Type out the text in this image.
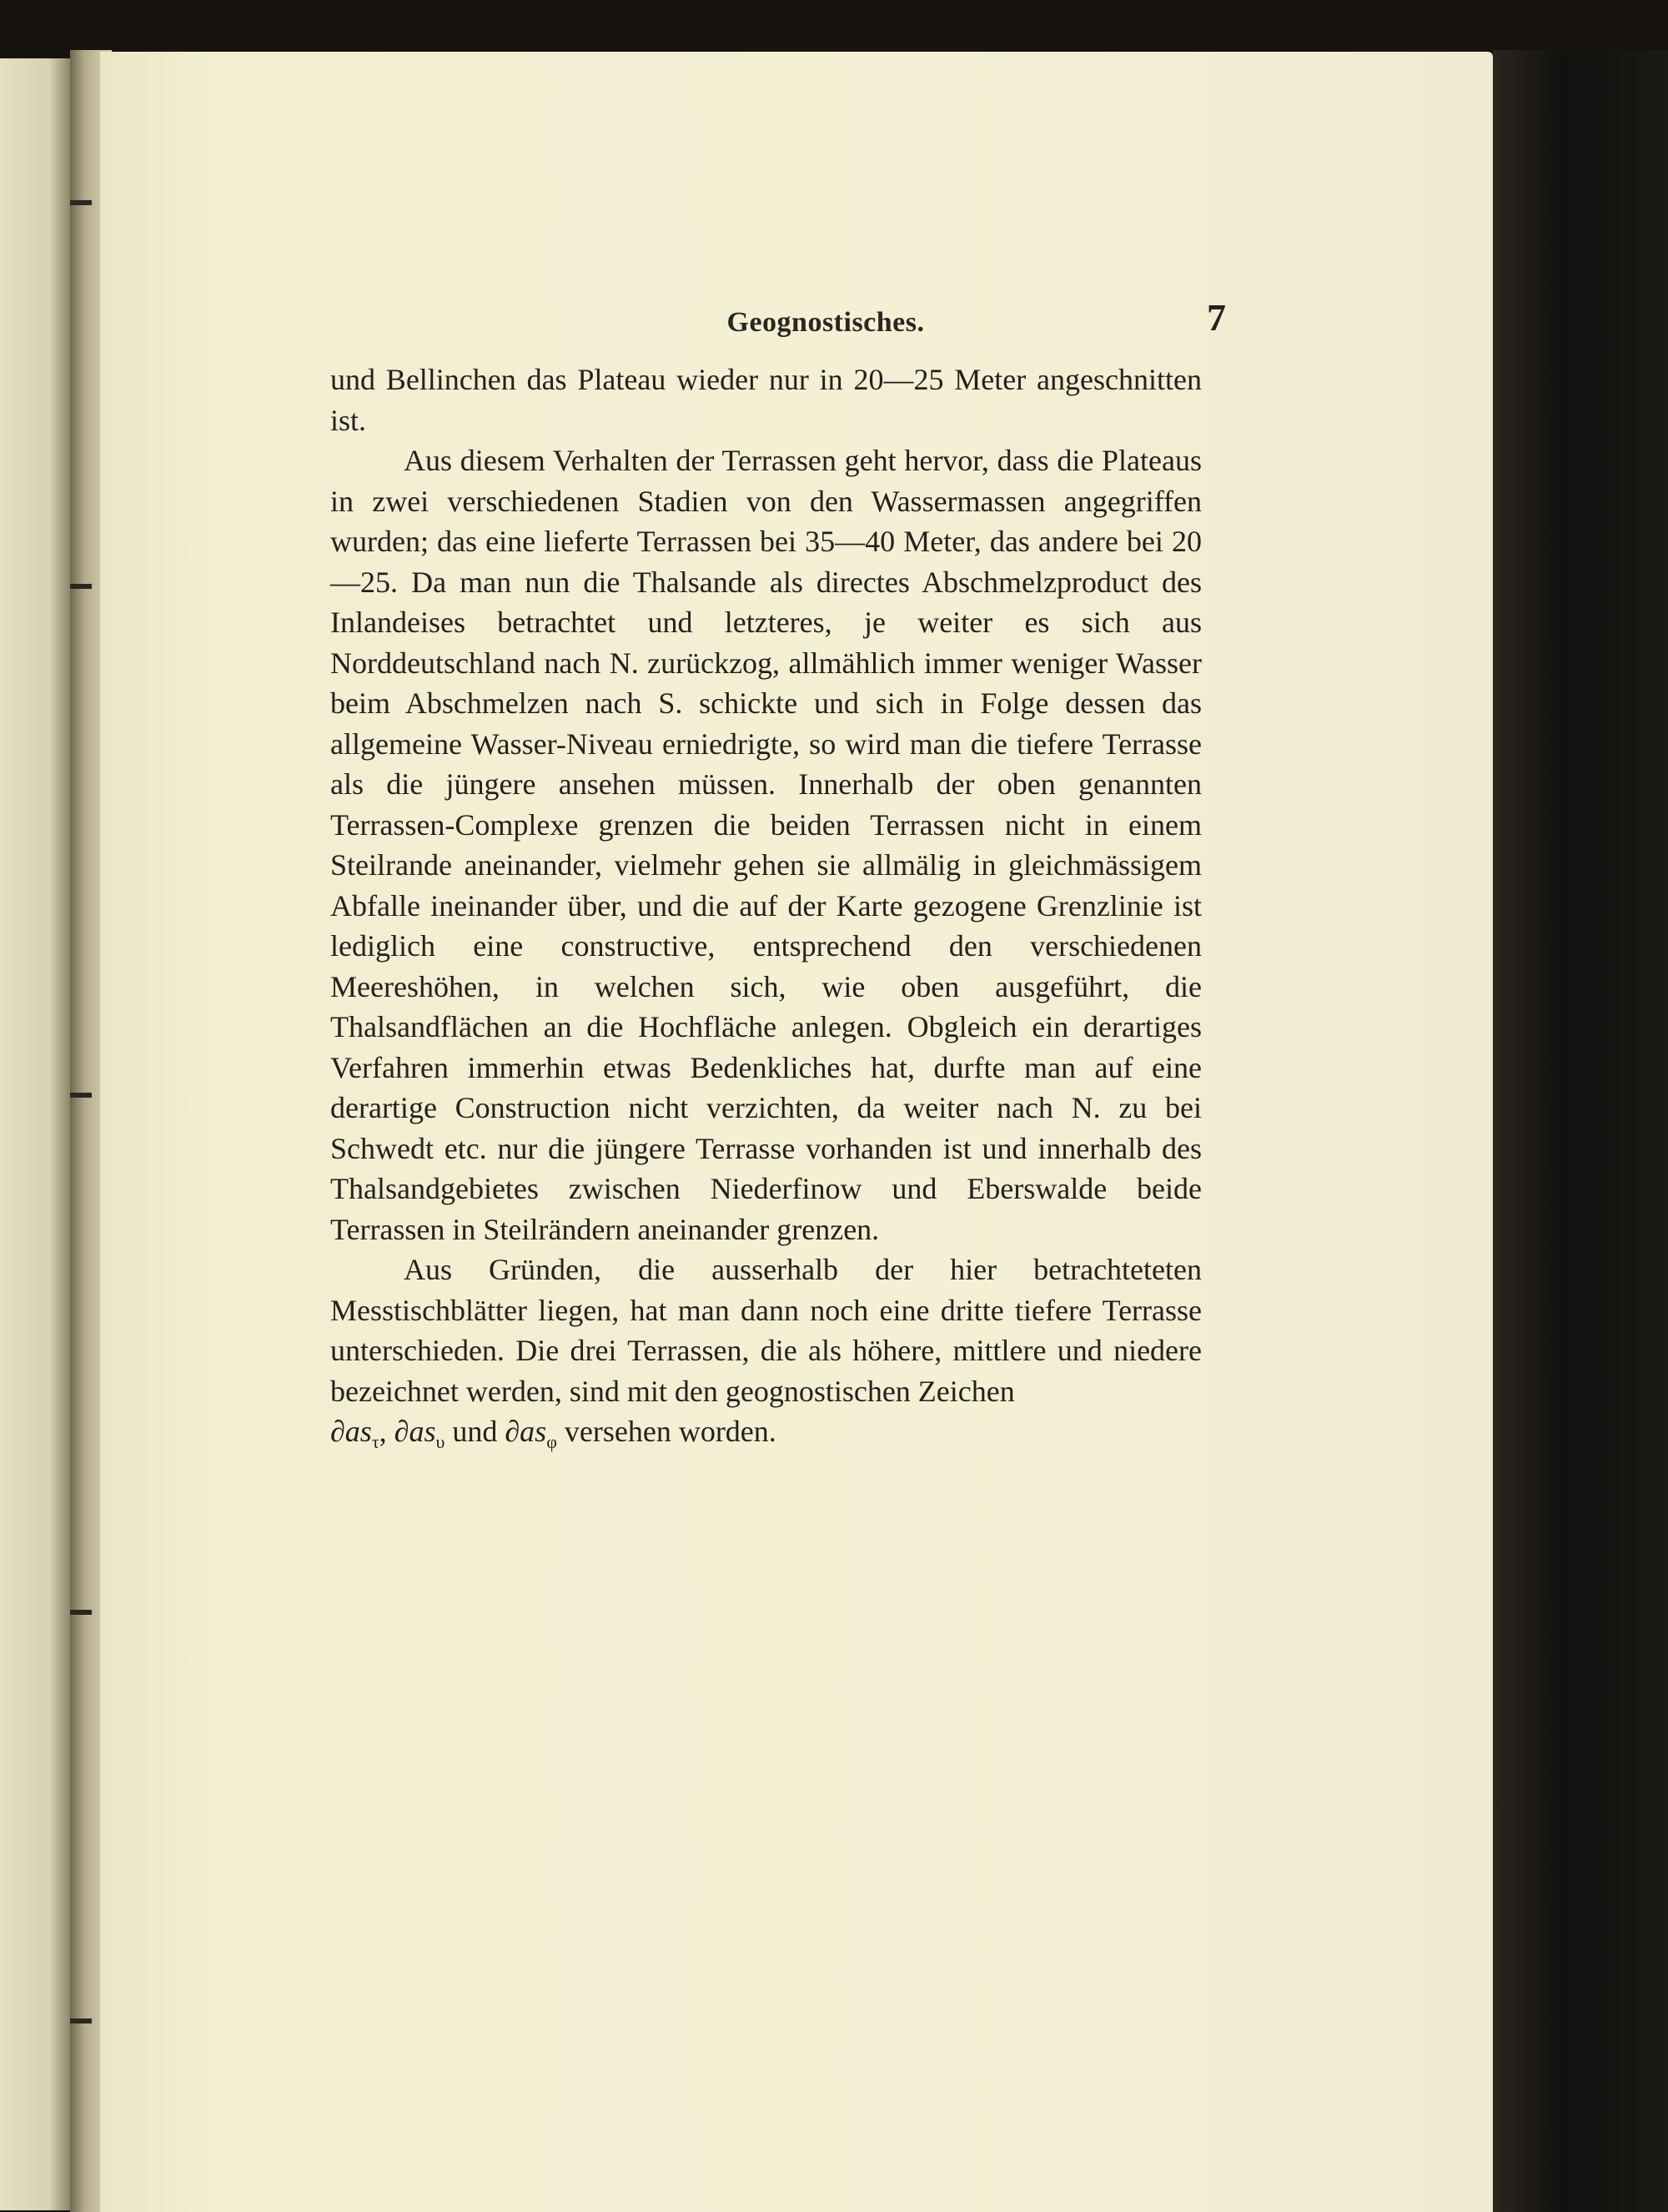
Geognostisches.	7

und Bellinchen das Plateau wieder nur in 20—25 Meter angeschnitten ist.

Aus diesem Verhalten der Terrassen geht hervor, dass die Plateaus in zwei verschiedenen Stadien von den Wassermassen angegriffen wurden; das eine lieferte Terrassen bei 35—40 Meter, das andere bei 20—25. Da man nun die Thalsande als directes Abschmelzproduct des Inlandeises betrachtet und letzteres, je weiter es sich aus Norddeutschland nach N. zurückzog, allmählich immer weniger Wasser beim Abschmelzen nach S. schickte und sich in Folge dessen das allgemeine Wasser-Niveau erniedrigte, so wird man die tiefere Terrasse als die jüngere ansehen müssen. Innerhalb der oben genannten Terrassen-Complexe grenzen die beiden Terrassen nicht in einem Steilrande aneinander, vielmehr gehen sie allmälig in gleichmässigem Abfalle ineinander über, und die auf der Karte gezogene Grenzlinie ist lediglich eine constructive, entsprechend den verschiedenen Meereshöhen, in welchen sich, wie oben ausgeführt, die Thalsandflächen an die Hochfläche anlegen. Obgleich ein derartiges Verfahren immerhin etwas Bedenkliches hat, durfte man auf eine derartige Construction nicht verzichten, da weiter nach N. zu bei Schwedt etc. nur die jüngere Terrasse vorhanden ist und innerhalb des Thalsandgebietes zwischen Niederfinow und Eberswalde beide Terrassen in Steilrändern aneinander grenzen.

Aus Gründen, die ausserhalb der hier betrachteteten Messtischblätter liegen, hat man dann noch eine dritte tiefere Terrasse unterschieden. Die drei Terrassen, die als höhere, mittlere und niedere bezeichnet werden, sind mit den geognostischen Zeichen

$\partial as_\tau$, $\partial as_\upsilon$ und $\partial as_\varphi$ versehen worden.
